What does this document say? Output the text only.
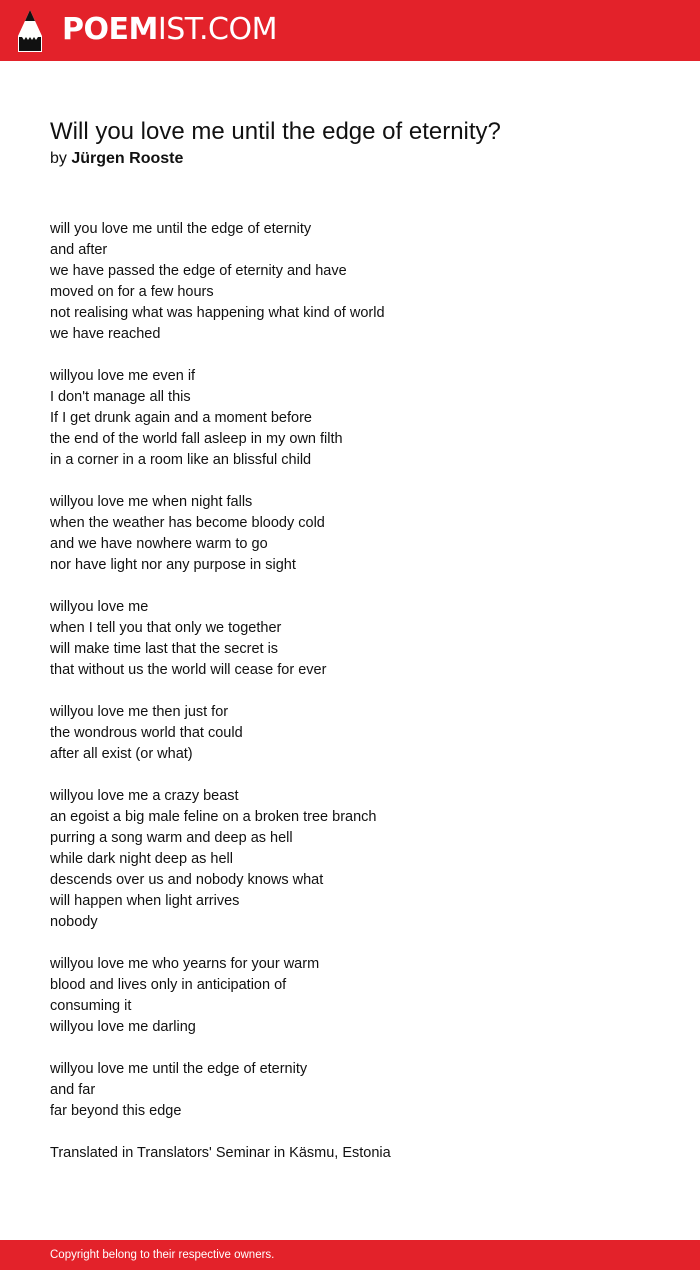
POEMIST.COM
Will you love me until the edge of eternity?
by Jürgen Rooste
will you love me until the edge of eternity
and after
we have passed the edge of eternity and have
moved on for a few hours
not realising what was happening what kind of world
we have reached
willyou love me even if
I don't manage all this
If I get drunk again and a moment before
the end of the world fall asleep in my own filth
in a corner in a room like an blissful child
willyou love me when night falls
when the weather has become bloody cold
and we have nowhere warm to go
nor have light nor any purpose in sight
willyou love me
when I tell you that only we together
will make time last that the secret is
that without us the world will cease for ever
willyou love me then just for
the wondrous world that could
after all exist (or what)
willyou love me a crazy beast
an egoist a big male feline on a broken tree branch
purring a song warm and deep as hell
while dark night deep as hell
descends over us and nobody knows what
will happen when light arrives
nobody
willyou love me who yearns for your warm
blood and lives only in anticipation of
consuming it
willyou love me darling
willyou love me until the edge of eternity
and far
far beyond this edge
Translated in Translators' Seminar in Käsmu, Estonia
Copyright belong to their respective owners.
